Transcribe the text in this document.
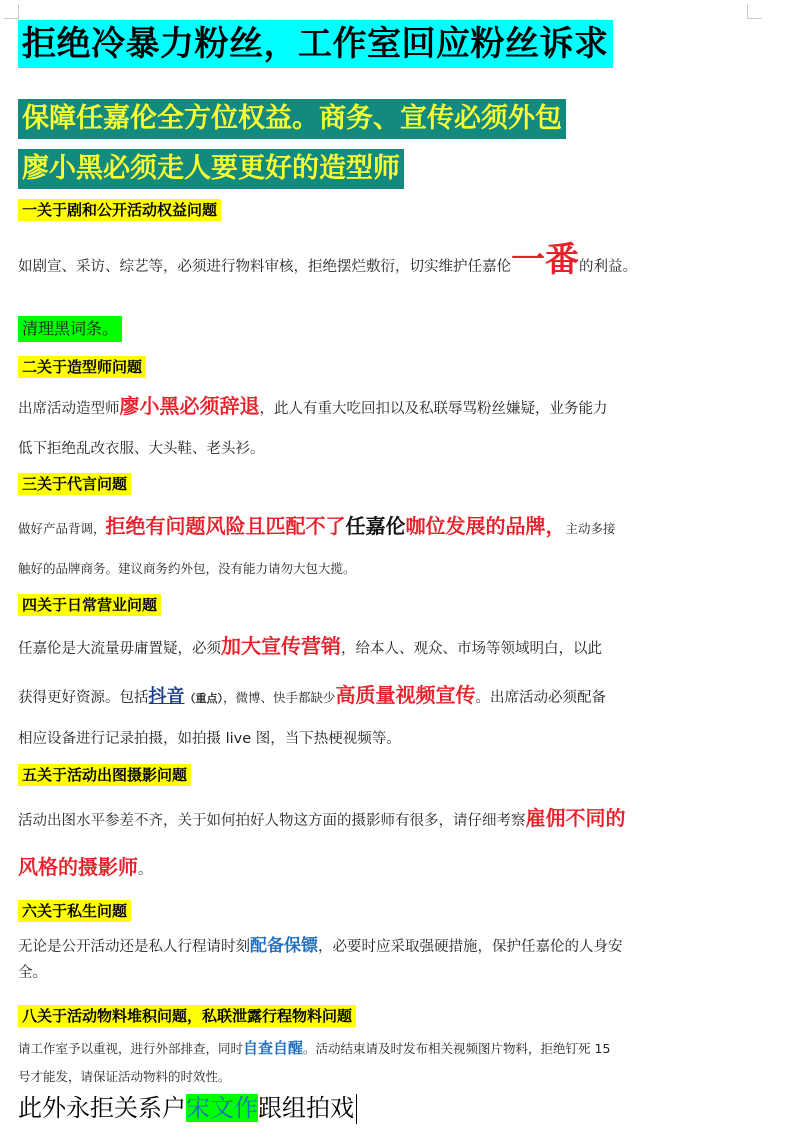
拒绝冷暴力粉丝，工作室回应粉丝诉求
保障任嘉伦全方位权益。商务、宣传必须外包
廖小黑必须走人要更好的造型师
一关于剧和公开活动权益问题

如剧宣、采访、综艺等，必须进行物料审核，拒绝摆烂敷衍，切实维护任嘉伦一番的利益。

清理黑词条。
二关于造型师问题

出席活动造型师廖小黑必须辞退，此人有重大吃回扣以及私联辱骂粉丝嫌疑，业务能力

低下拒绝乱改衣服、大头鞋、老头衫。

三关于代言问题

做好产品背调，拒绝有问题风险且匹配不了任嘉伦咖位发展的品牌，主动多接

触好的品牌商务。建议商务约外包，没有能力请勿大包大揽。

四关于日常营业问题

任嘉伦是大流量毋庸置疑，必须加大宣传营销，给本人、观众、市场等领域明白，以此

获得更好资源。包括抖音（重点），微博、快手都缺少高质量视频宣传。出席活动必须配备

相应设备进行记录拍摄，如拍摄 live 图，当下热梗视频等。

五关于活动出图摄影问题

活动出图水平参差不齐，关于如何拍好人物这方面的摄影师有很多，请仔细考察雇佣不同的

风格的摄影师。

六关于私生问题

无论是公开活动还是私人行程请时刻配备保镖，必要时应采取强硬措施，保护任嘉伦的人身安

全。

八关于活动物料堆积问题，私联泄露行程物料问题

请工作室予以重视，进行外部排查，同时自查自醒。活动结束请及时发布相关视频图片物料，拒绝钉死 15

号才能发，请保证活动物料的时效性。

此外永拒关系户宋文作跟组拍戏
